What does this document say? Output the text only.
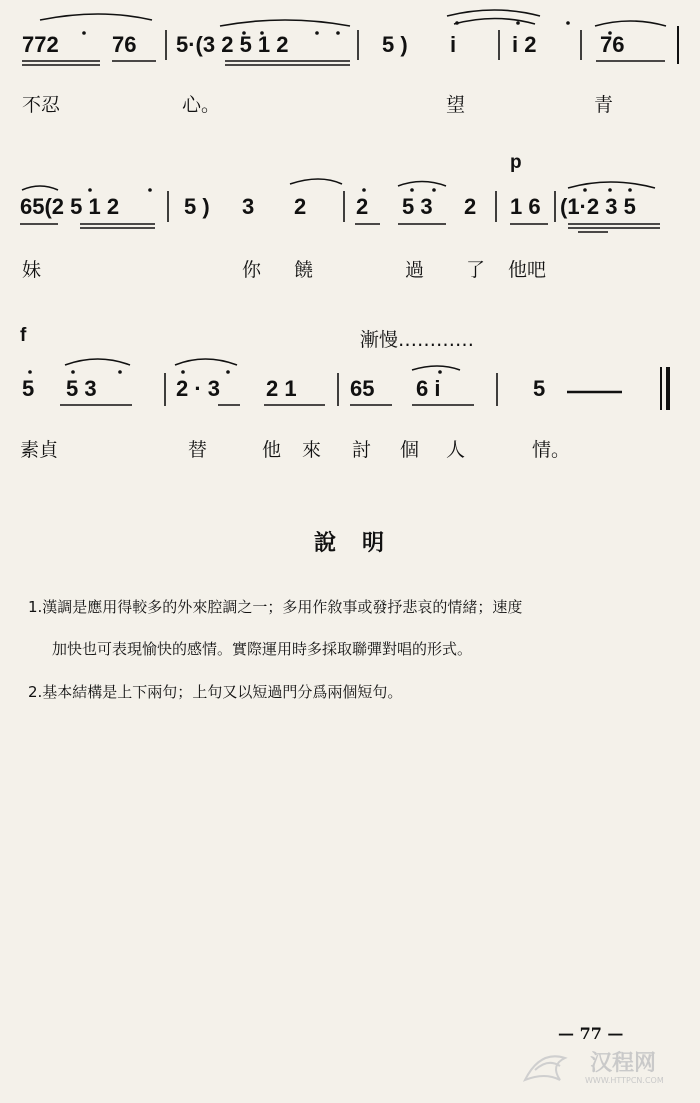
772 76 5·(3 2 5 1 2	5 ) i	i 2	76
不忍	心。	望	青
p
65(2 5 1 2	5 ) 3 2 2 5 3 2 1 6 (1·2 3 5
妹	你 饒	過 了 他吧
f	漸慢…………
5 5 3	2 · 3 2 1 65 6 i	5
素貞	替	他 來 討 個 人	情。
說　明
1.漢調是應用得較多的外來腔調之一；多用作敘事或發抒悲哀的情緒；速度
加快也可表現愉快的感情。實際運用時多採取聯彈對唱的形式。
2.基本結構是上下兩句；上句又以短過門分爲兩個短句。
— 77 —
汉程网
WWW.HTTPCN.COM
